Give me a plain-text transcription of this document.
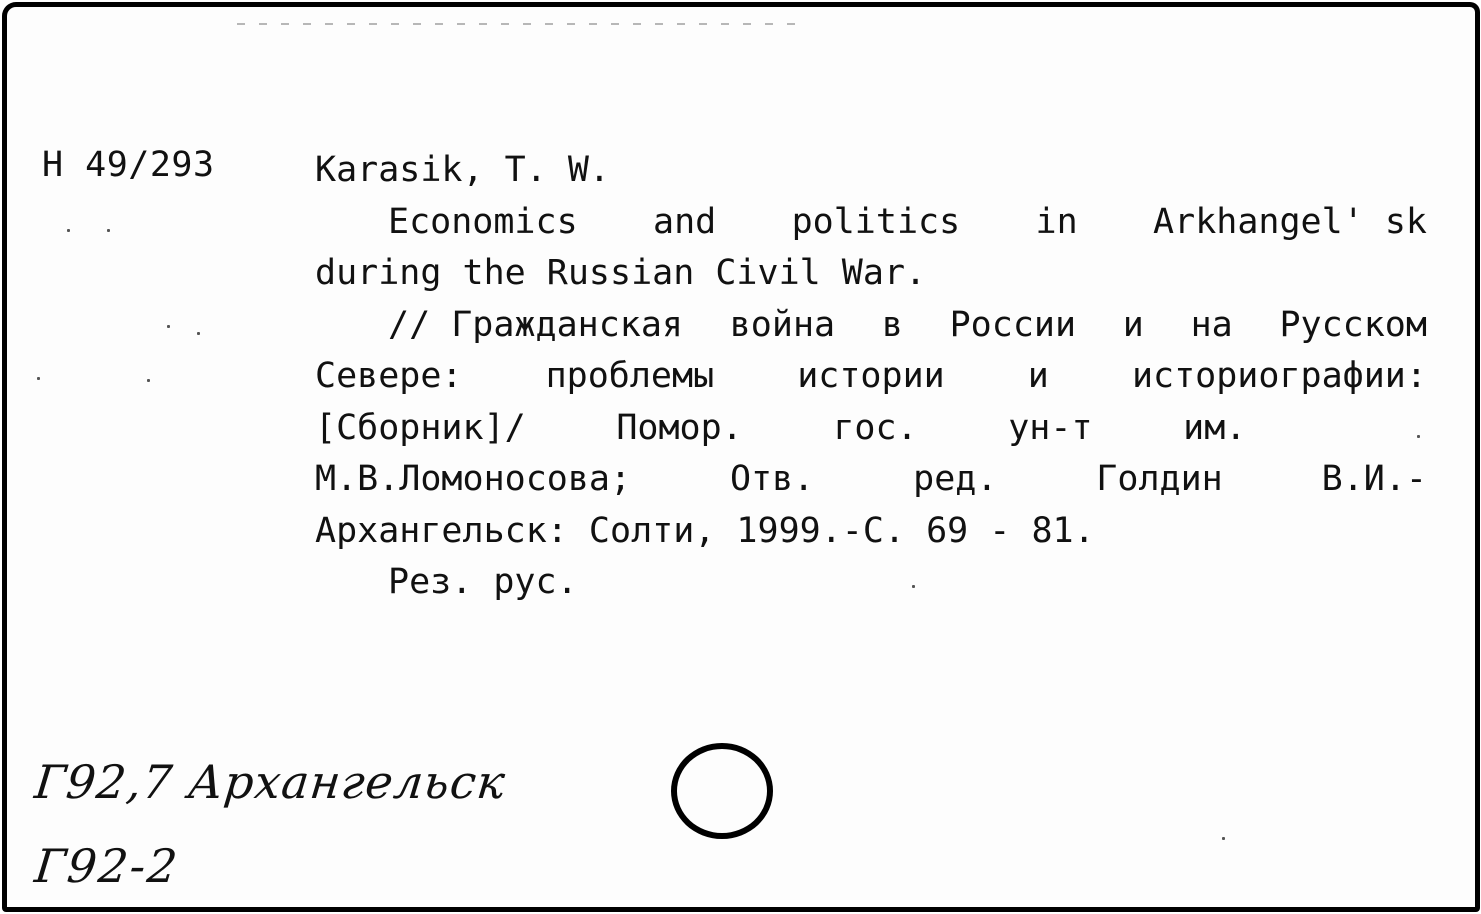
Н 49/293	Karasik, T. W.
Economics and politics in Arkhangel' sk
during the Russian Civil War.
// Гражданская война в России и на Русском
Севере: проблемы истории и историографии:
[Сборник]/	Помор.	гос.	ун-т	им.
М.В.Ломоносова;	Отв.	ред.	Голдин	В.И.-
Архангельск: Солти, 1999.-С. 69 - 81.
Рез. рус.
Г92,7 Архангельск
Г92-2
